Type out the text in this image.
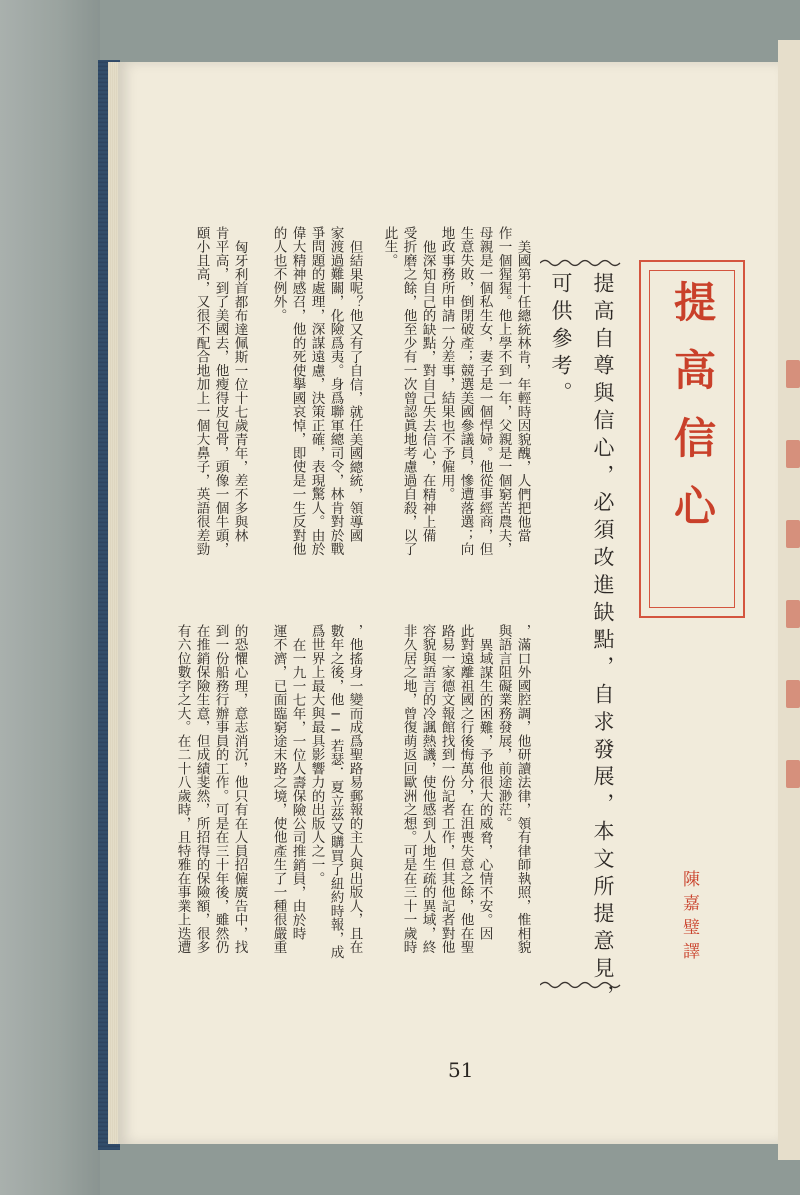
提高信心
提高自尊與信心，必須改進缺點，自求發展，本文所提意見，
可供參考。
陳嘉璧譯
美國第十任總統林肯，年輕時因貌醜，人們把他當
作一個猩猩。他上學不到一年，父親是一個窮苦農夫，
母親是一個私生女，妻子是一個悍婦。他從事經商，但
生意失敗，倒閉破產；競選美國參議員，慘遭落選；向
地政事務所申請一分差事，結果也不予僱用。
他深知自己的缺點，對自己失去信心，在精神上備
受折磨之餘，他至少有一次曾認眞地考慮過自殺，以了
此生。
但結果呢？他又有了自信，就任美國總統，領導國
家渡過難關，化險爲夷。身爲聯軍總司令，林肯對於戰
爭問題的處理，深謀遠慮，決策正確，表現驚人。由於
偉大精神感召，他的死使擧國哀悼，即使是一生反對他
的人也不例外。
匈牙利首都布達佩斯一位十七歲青年，差不多與林
肯平高，到了美國去，他瘦得皮包骨，頭像一個牛頭，
頤小且高，又很不配合地加上一個大鼻子，英語很差勁
，滿口外國腔調，他研讀法律，領有律師執照，惟相貌
與語言阻礙業務發展，前途渺茫。
異域謀生的困難，予他很大的威脅，心情不安。因
此對遠離祖國之行後悔萬分，在沮喪失意之餘，他在聖
路易一家德文報館找到一份記者工作，但其他記者對他
容貌與語言的冷諷熱譏，使他感到人地生疏的異域，終
非久居之地，曾復萌返回歐洲之想。可是在三十一歲時
，他搖身一變而成爲聖路易郵報的主人與出版人，且在
數年之後，他──若瑟．夏立茲又購買了紐約時報，成
爲世界上最大與最具影響力的出版人之一。
在一九一七年，一位人壽保險公司推銷員，由於時
運不濟，已面臨窮途末路之境，使他產生了一種很嚴重
的恐懼心理，意志消沉，他只有在人員招僱廣告中，找
到一份船務行辦事員的工作。可是在三十年後，雖然仍
在推銷保險生意，但成績斐然，所招得的保險額，很多
有六位數字之大。在二十八歲時，且特雅在事業上迭遭
51
